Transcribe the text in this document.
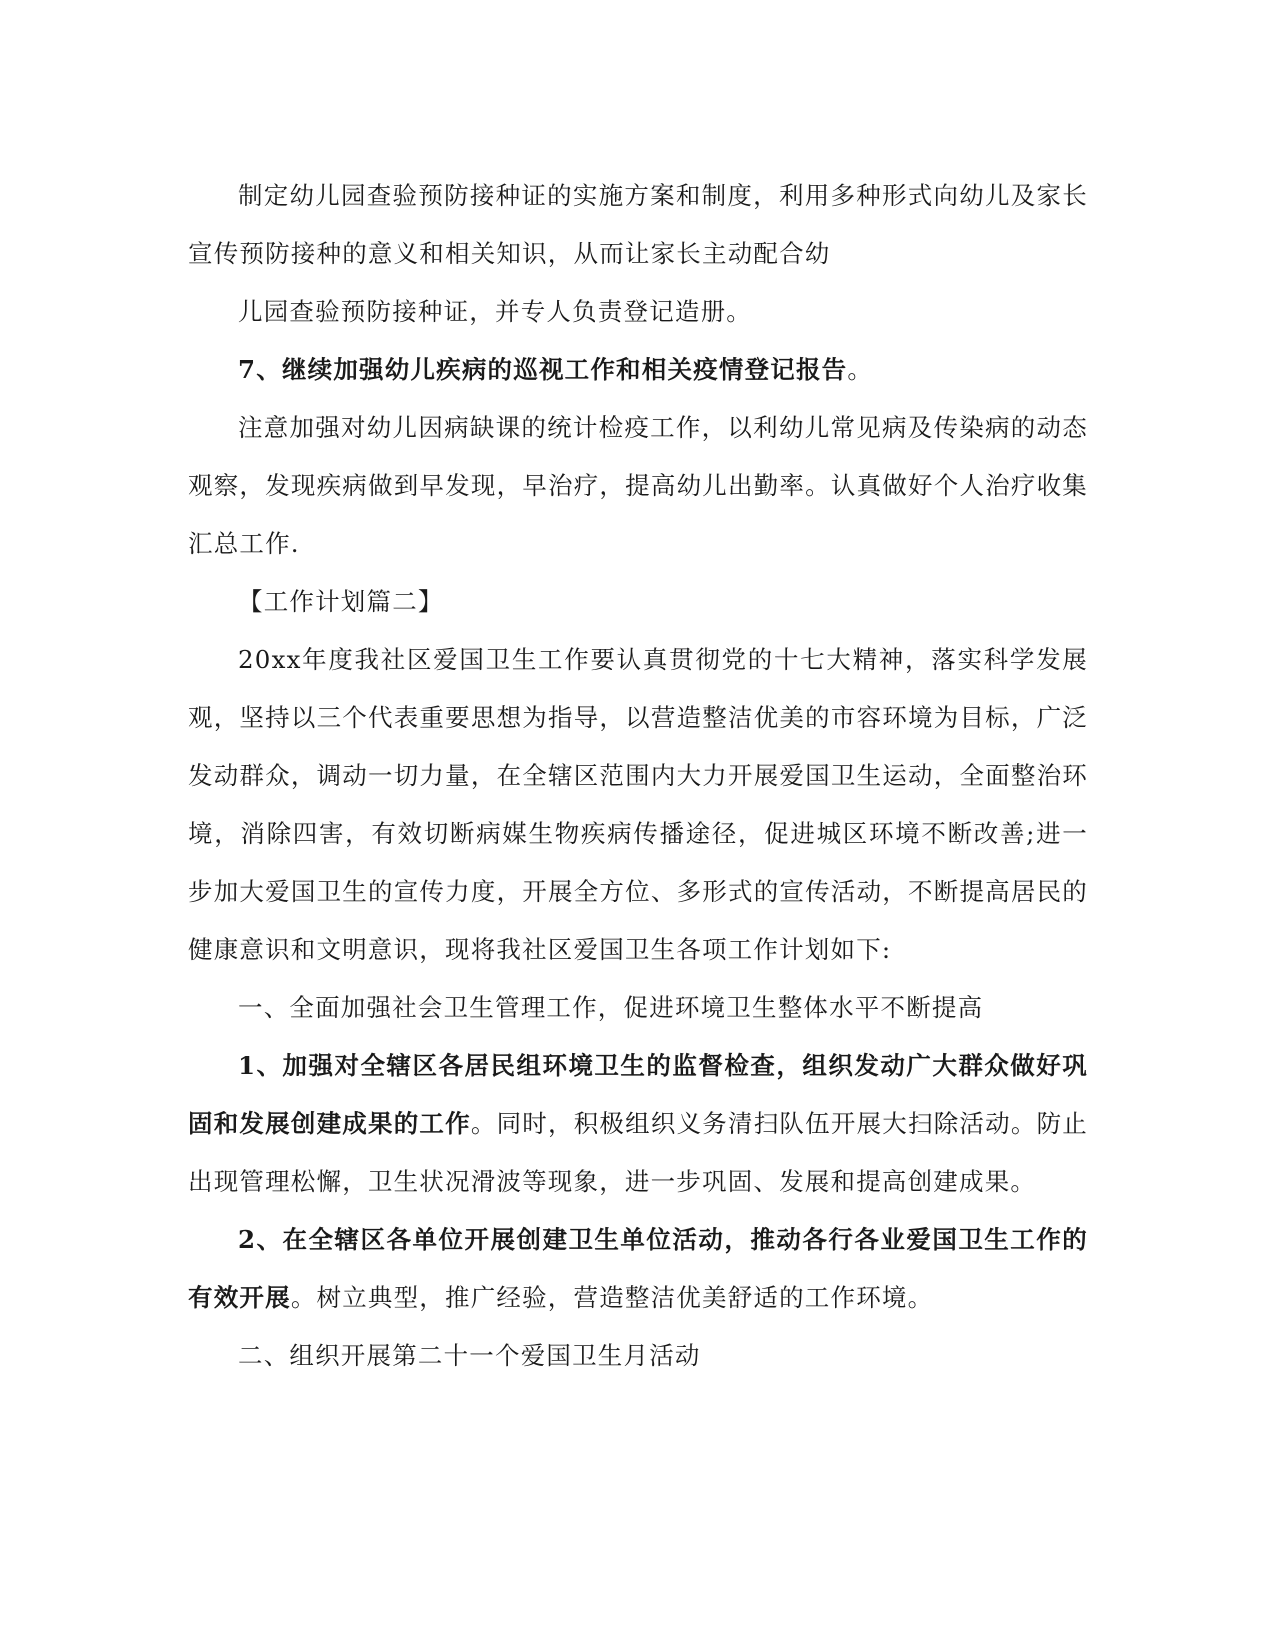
制定幼儿园查验预防接种证的实施方案和制度，利用多种形式向幼儿及家长宣传预防接种的意义和相关知识，从而让家长主动配合幼

儿园查验预防接种证，并专人负责登记造册。

7、继续加强幼儿疾病的巡视工作和相关疫情登记报告。

注意加强对幼儿因病缺课的统计检疫工作，以利幼儿常见病及传染病的动态观察，发现疾病做到早发现，早治疗，提高幼儿出勤率。认真做好个人治疗收集汇总工作.

【工作计划篇二】

20xx年度我社区爱国卫生工作要认真贯彻党的十七大精神，落实科学发展观，坚持以三个代表重要思想为指导，以营造整洁优美的市容环境为目标，广泛发动群众，调动一切力量，在全辖区范围内大力开展爱国卫生运动，全面整治环境，消除四害，有效切断病媒生物疾病传播途径，促进城区环境不断改善;进一步加大爱国卫生的宣传力度，开展全方位、多形式的宣传活动，不断提高居民的健康意识和文明意识，现将我社区爱国卫生各项工作计划如下:

一、全面加强社会卫生管理工作，促进环境卫生整体水平不断提高

1、加强对全辖区各居民组环境卫生的监督检查，组织发动广大群众做好巩固和发展创建成果的工作。同时，积极组织义务清扫队伍开展大扫除活动。防止出现管理松懈，卫生状况滑波等现象，进一步巩固、发展和提高创建成果。

2、在全辖区各单位开展创建卫生单位活动，推动各行各业爱国卫生工作的有效开展。树立典型，推广经验，营造整洁优美舒适的工作环境。

二、组织开展第二十一个爱国卫生月活动
